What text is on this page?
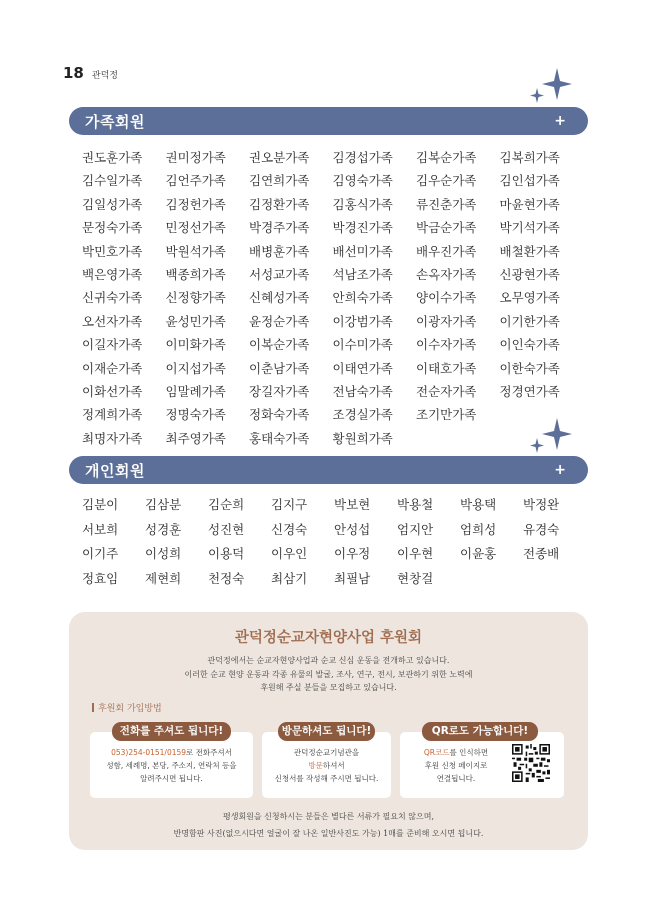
18 관덕정
가족회원	+
권도훈가족	권미정가족	권오분가족	김경섭가족	김복순가족	김복희가족
김수일가족	김언주가족	김연희가족	김영숙가족	김우순가족	김인섭가족
김일성가족	김정헌가족	김정환가족	김홍식가족	류진춘가족	마윤현가족
문정숙가족	민정선가족	박경주가족	박경진가족	박금순가족	박기석가족
박민호가족	박원석가족	배병훈가족	배선미가족	배우진가족	배철환가족
백은영가족	백종희가족	서성교가족	석남조가족	손옥자가족	신광현가족
신귀숙가족	신정향가족	신혜성가족	안희숙가족	양이수가족	오무영가족
오선자가족	윤성민가족	윤정순가족	이강범가족	이광자가족	이기한가족
이길자가족	이미화가족	이복순가족	이수미가족	이수자가족	이인숙가족
이재순가족	이지섭가족	이춘남가족	이태연가족	이태호가족	이한숙가족
이화선가족	임말례가족	장길자가족	전남숙가족	전순자가족	정경연가족
정계희가족	정명숙가족	정화숙가족	조경실가족	조기만가족
최명자가족	최주영가족	홍태숙가족	황원희가족
개인회원	+
김분이	김삼분	김순희	김지구	박보현	박용철	박용택	박정완
서보희	성경훈	성진현	신경숙	안성섭	엄지안	엄희성	유경숙
이기주	이성희	이용덕	이우인	이우정	이우현	이윤홍	전종배
정효임	제현희	천정숙	최삼기	최필남	현창걸
관덕정순교자현양사업 후원회
관덕정에서는 순교자현양사업과 순교 신심 운동을 전개하고 있습니다.
이러한 순교 현양 운동과 각종 유물의 발굴, 조사, 연구, 전시, 보관하기 위한 노력에
후원해 주실 분들을 모집하고 있습니다.
후원회 가입방법
전화를 주셔도 됩니다!
053)254-0151/0159로 전화주셔서
성함, 세례명, 본당, 주소지, 연락처 등을
알려주시면 됩니다.
방문하셔도 됩니다!
관덕정순교기념관을
방문하셔서
신청서를 작성해 주시면 됩니다.
QR로도 가능합니다!
QR코드를 인식하면
후원 신청 페이지로
연결됩니다.
평생회원을 신청하시는 분들은 별다른 서류가 필요치 않으며,
반명함판 사진(없으시다면 얼굴이 잘 나온 일반사진도 가능) 1매를 준비해 오시면 됩니다.
